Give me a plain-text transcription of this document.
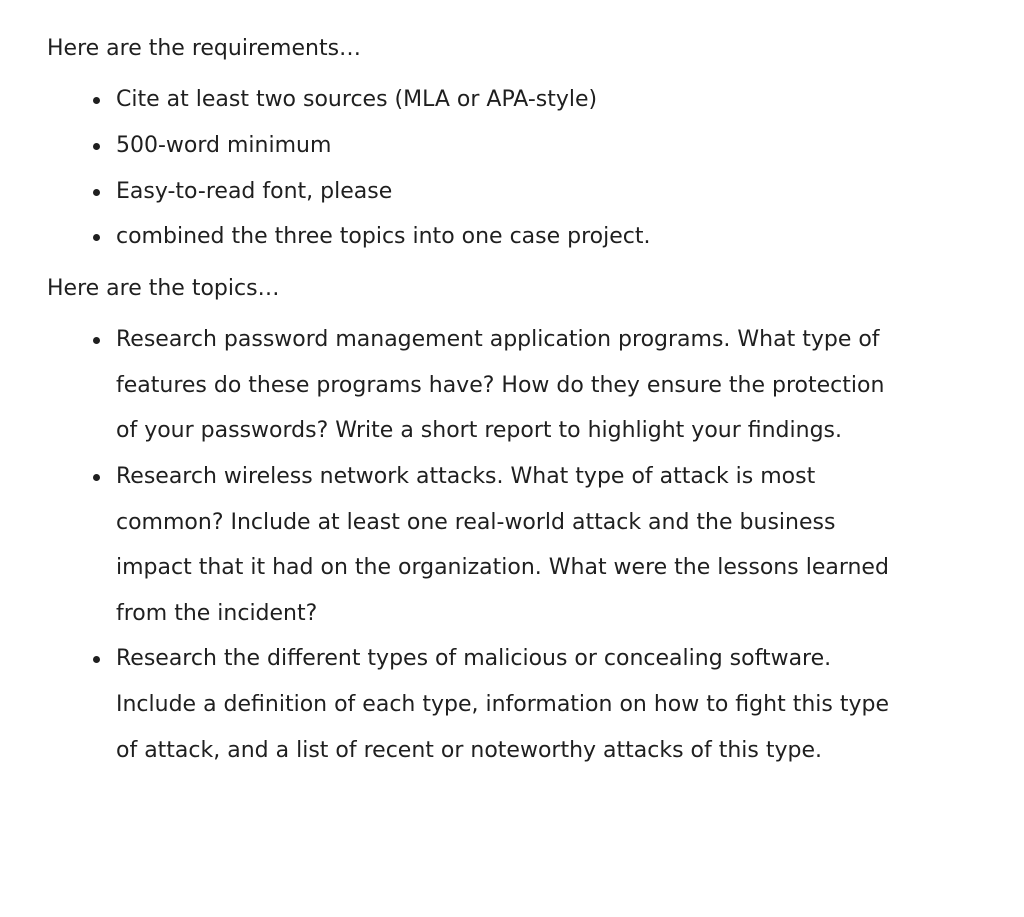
Here are the requirements…

Cite at least two sources (MLA or APA-style)
500-word minimum
Easy-to-read font, please
combined the three topics into one case project.

Here are the topics…

Research password management application programs. What type of features do these programs have? How do they ensure the protection of your passwords? Write a short report to highlight your findings.
Research wireless network attacks. What type of attack is most common? Include at least one real-world attack and the business impact that it had on the organization. What were the lessons learned from the incident?
Research the different types of malicious or concealing software. Include a definition of each type, information on how to fight this type of attack, and a list of recent or noteworthy attacks of this type.
